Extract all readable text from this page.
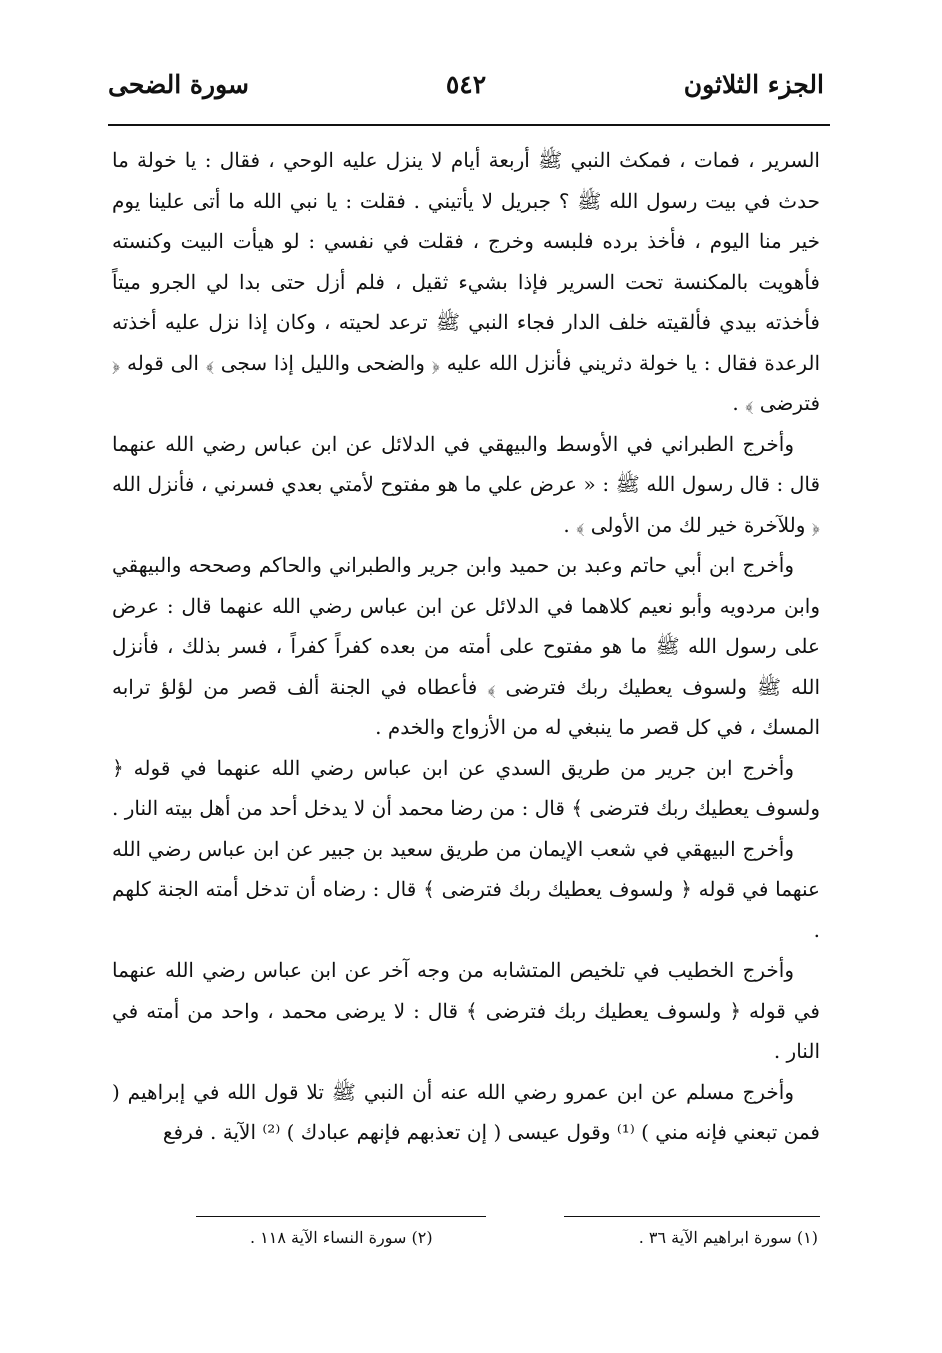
الجزء الثلاثون
٥٤٢
سورة الضحى

السرير ، فمات ، فمكث النبي ﷺ أربعة أيام لا ينزل عليه الوحي ، فقال : يا خولة ما حدث في بيت رسول الله ﷺ ؟ جبريل لا يأتيني . فقلت : يا نبي الله ما أتى علينا يوم خير منا اليوم ، فأخذ برده فلبسه وخرج ، فقلت في نفسي : لو هيأت البيت وكنسته فأهويت بالمكنسة تحت السرير فإذا بشيء ثقيل ، فلم أزل حتى بدا لي الجرو ميتاً فأخذته بيدي فألقيته خلف الدار فجاء النبي ﷺ ترعد لحيته ، وكان إذا نزل عليه أخذته الرعدة فقال : يا خولة دثريني فأنزل الله عليه ﴿ والضحى والليل إذا سجى ﴾ الى قوله ﴿ فترضى ﴾ .

وأخرج الطبراني في الأوسط والبيهقي في الدلائل عن ابن عباس رضي الله عنهما قال : قال رسول الله ﷺ : « عرض علي ما هو مفتوح لأمتي بعدي فسرني ، فأنزل الله ﴿ وللآخرة خير لك من الأولى ﴾ .

وأخرج ابن أبي حاتم وعبد بن حميد وابن جرير والطبراني والحاكم وصححه والبيهقي وابن مردويه وأبو نعيم كلاهما في الدلائل عن ابن عباس رضي الله عنهما قال : عرض على رسول الله ﷺ ما هو مفتوح على أمته من بعده كفراً كفراً ، فسر بذلك ، فأنزل الله ﷺ ولسوف يعطيك ربك فترضى ﴾ فأعطاه في الجنة ألف قصر من لؤلؤ ترابه المسك ، في كل قصر ما ينبغي له من الأزواج والخدم .

وأخرج ابن جرير من طريق السدي عن ابن عباس رضي الله عنهما في قوله ﴿ ولسوف يعطيك ربك فترضى ﴾ قال : من رضا محمد أن لا يدخل أحد من أهل بيته النار .

وأخرج البيهقي في شعب الإيمان من طريق سعيد بن جبير عن ابن عباس رضي الله عنهما في قوله ﴿ ولسوف يعطيك ربك فترضى ﴾ قال : رضاه أن تدخل أمته الجنة كلهم .

وأخرج الخطيب في تلخيص المتشابه من وجه آخر عن ابن عباس رضي الله عنهما في قوله ﴿ ولسوف يعطيك ربك فترضى ﴾ قال : لا يرضى محمد ، واحد من أمته في النار .

وأخرج مسلم عن ابن عمرو رضي الله عنه أن النبي ﷺ تلا قول الله في إبراهيم ( فمن تبعني فإنه مني ) ⁽¹⁾ وقول عيسى ( إن تعذبهم فإنهم عبادك ) ⁽²⁾ الآية . فرفع

(١) سورة ابراهيم الآية ٣٦ .
(٢) سورة النساء الآية ١١٨ .
